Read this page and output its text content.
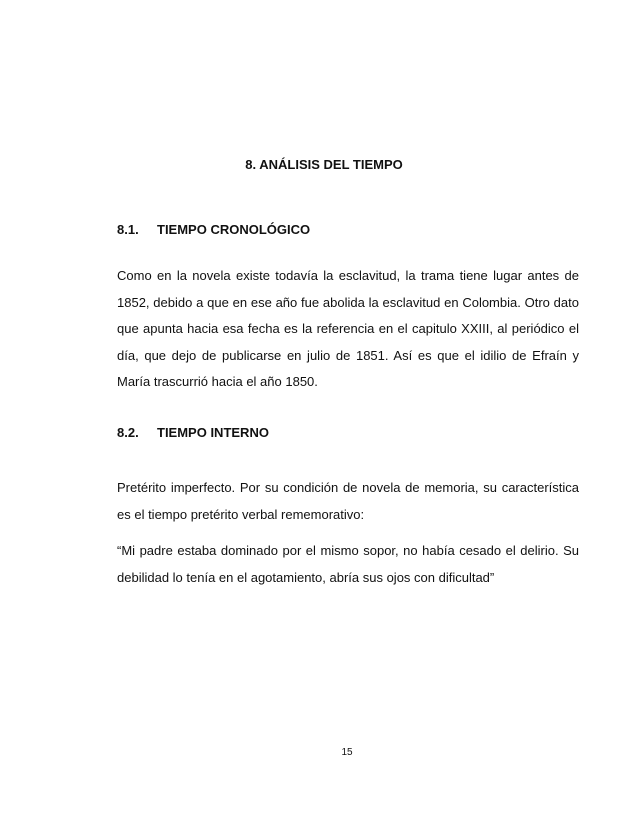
8. ANÁLISIS DEL TIEMPO
8.1. TIEMPO CRONOLÓGICO

Como en la novela existe todavía la esclavitud, la trama tiene lugar antes de 1852, debido a que en ese año fue abolida la esclavitud en Colombia. Otro dato que apunta hacia esa fecha es la referencia en el capitulo XXIII, al periódico el día, que dejo de publicarse en julio de 1851. Así es que el idilio de Efraín y María trascurrió hacia el año 1850.

8.2. TIEMPO INTERNO

Pretérito imperfecto. Por su condición de novela de memoria, su característica es el tiempo pretérito verbal rememorativo:

“Mi padre estaba dominado por el mismo sopor, no había cesado el delirio. Su debilidad lo tenía en el agotamiento, abría sus ojos con dificultad”

15
